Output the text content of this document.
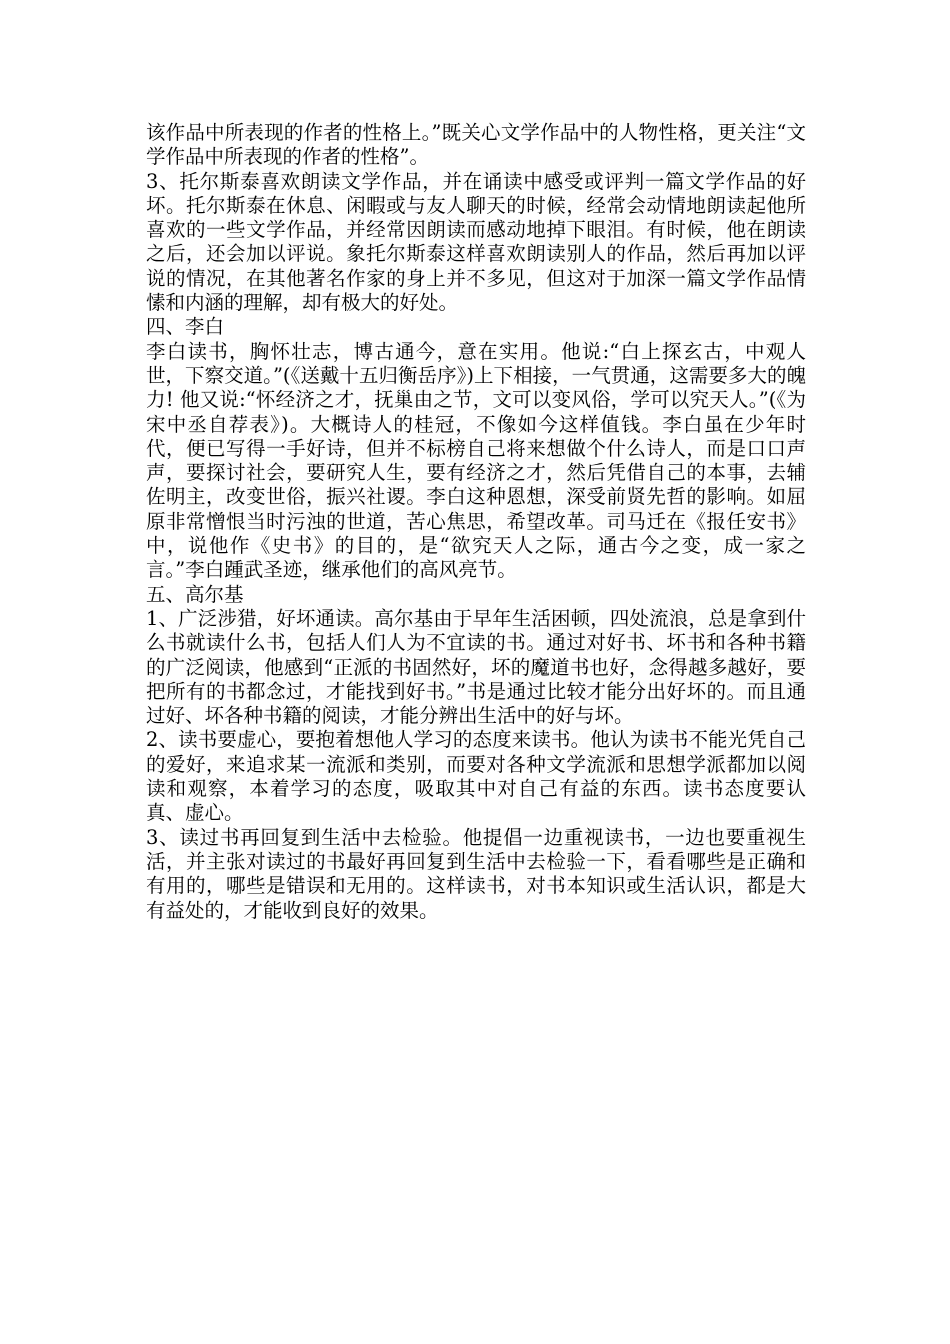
该作品中所表现的作者的性格上。”既关心文学作品中的人物性格，更关注“文学作品中所表现的作者的性格”。

3、托尔斯泰喜欢朗读文学作品，并在诵读中感受或评判一篇文学作品的好坏。托尔斯泰在休息、闲暇或与友人聊天的时候，经常会动情地朗读起他所喜欢的一些文学作品，并经常因朗读而感动地掉下眼泪。有时候，他在朗读之后，还会加以评说。象托尔斯泰这样喜欢朗读别人的作品，然后再加以评说的情况，在其他著名作家的身上并不多见，但这对于加深一篇文学作品情愫和内涵的理解，却有极大的好处。

四、李白

李白读书，胸怀壮志，博古通今，意在实用。他说:“白上探玄古，中观人世，下察交道。”(《送戴十五归衡岳序》)上下相接，一气贯通，这需要多大的魄力! 他又说:“怀经济之才，抚巢由之节，文可以变风俗，学可以究天人。”(《为宋中丞自荐表》)。大概诗人的桂冠，不像如今这样值钱。李白虽在少年时代，便已写得一手好诗，但并不标榜自己将来想做个什么诗人，而是口口声声，要探讨社会，要研究人生，要有经济之才，然后凭借自己的本事，去辅佐明主，改变世俗，振兴社谡。李白这种恩想，深受前贤先哲的影响。如屈原非常憎恨当时污浊的世道，苦心焦思，希望改革。司马迁在《报任安书》中，说他作《史书》的目的，是“欲究天人之际，通古今之变，成一家之言。”李白踵武圣迹，继承他们的高风亮节。

五、高尔基

1、广泛涉猎，好坏通读。高尔基由于早年生活困顿，四处流浪，总是拿到什么书就读什么书，包括人们人为不宜读的书。通过对好书、坏书和各种书籍的广泛阅读，他感到“正派的书固然好，坏的魔道书也好，念得越多越好，要把所有的书都念过，才能找到好书。”书是通过比较才能分出好坏的。而且通过好、坏各种书籍的阅读，才能分辨出生活中的好与坏。

2、读书要虚心，要抱着想他人学习的态度来读书。他认为读书不能光凭自己的爱好，来追求某一流派和类别，而要对各种文学流派和思想学派都加以阅读和观察，本着学习的态度，吸取其中对自己有益的东西。读书态度要认真、虚心。

3、读过书再回复到生活中去检验。他提倡一边重视读书，一边也要重视生活，并主张对读过的书最好再回复到生活中去检验一下，看看哪些是正确和有用的，哪些是错误和无用的。这样读书，对书本知识或生活认识，都是大有益处的，才能收到良好的效果。
